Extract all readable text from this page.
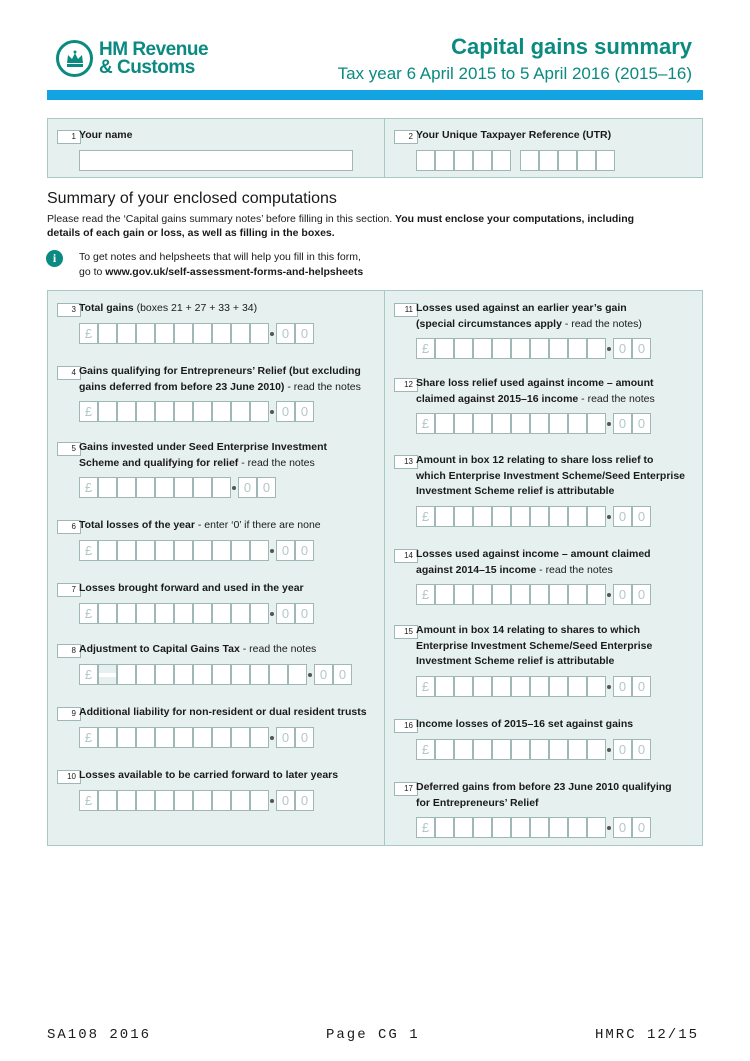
HM Revenue
& Customs
Capital gains summary
Tax year 6 April 2015 to 5 April 2016 (2015–16)
1 Your name	2 Your Unique Taxpayer Reference (UTR)
Summary of your enclosed computations
Please read the ‘Capital gains summary notes’ before filling in this section. You must enclose your computations, including details of each gain or loss, as well as filling in the boxes.
i	To get notes and helpsheets that will help you fill in this form,
go to www.gov.uk/self-assessment-forms-and-helpsheets
3 Total gains (boxes 21 + 27 + 33 + 34)
£	0 0
4 Gains qualifying for Entrepreneurs’ Relief (but excluding
gains deferred from before 23 June 2010) - read the notes
£	0 0
5 Gains invested under Seed Enterprise Investment
Scheme and qualifying for relief - read the notes
£	0 0
6 Total losses of the year - enter ‘0’ if there are none
£	0 0
7 Losses brought forward and used in the year
£	0 0
8 Adjustment to Capital Gains Tax - read the notes
£	0 0
9 Additional liability for non-resident or dual resident trusts
£	0 0
10 Losses available to be carried forward to later years
£	0 0
11 Losses used against an earlier year’s gain
(special circumstances apply - read the notes)
£	0 0
12 Share loss relief used against income – amount
claimed against 2015–16 income - read the notes
£	0 0
13 Amount in box 12 relating to share loss relief to
which Enterprise Investment Scheme/Seed Enterprise
Investment Scheme relief is attributable
£	0 0
14 Losses used against income – amount claimed
against 2014–15 income - read the notes
£	0 0
15 Amount in box 14 relating to shares to which
Enterprise Investment Scheme/Seed Enterprise
Investment Scheme relief is attributable
£	0 0
16 Income losses of 2015–16 set against gains
£	0 0
17 Deferred gains from before 23 June 2010 qualifying
for Entrepreneurs’ Relief
£	0 0
SA108 2016	Page CG 1	HMRC 12/15
